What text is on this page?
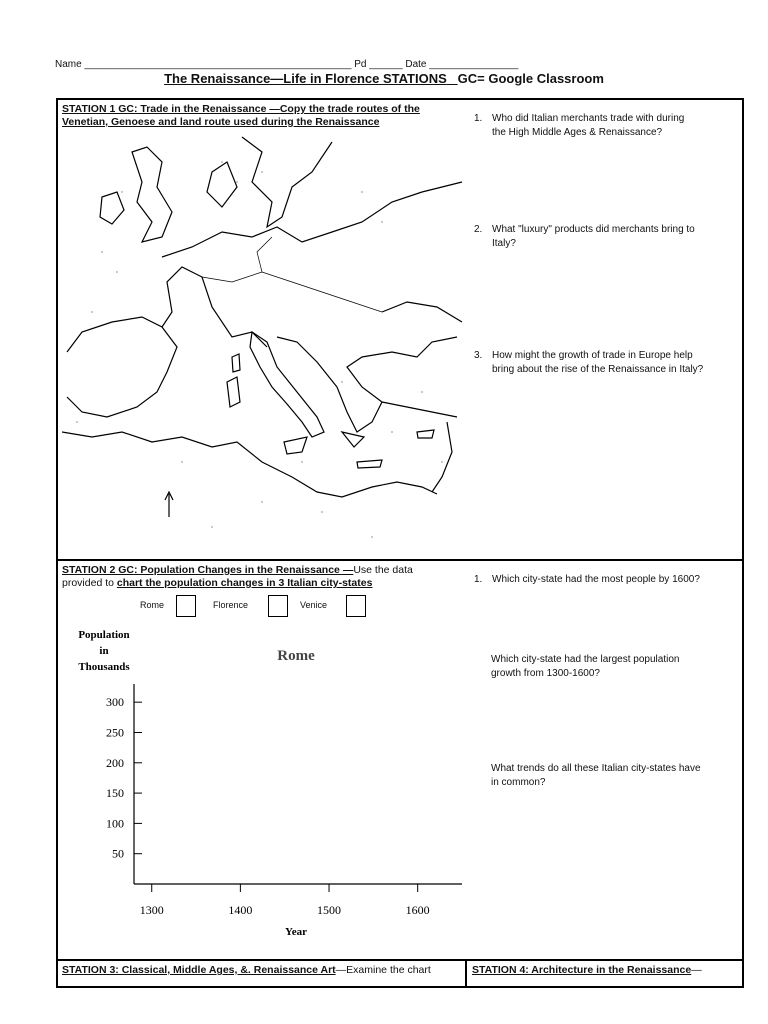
Name ________________________________________________ Pd ______ Date ________________
The Renaissance—Life in Florence STATIONS GC= Google Classroom
STATION 1 GC: Trade in the Renaissance —Copy the trade routes of the
Venetian, Genoese and land route used during the Renaissance	1. Who did Italian merchants trade with during
the High Middle Ages & Renaissance?
2. What "luxury" products did merchants bring to
Italy?
3. How might the growth of trade in Europe help
bring about the rise of the Renaissance in Italy?
STATION 2 GC: Population Changes in the Renaissance —Use the data
provided to chart the population changes in 3 Italian city-states
Rome	Florence	Venice
Population
in
Thousands
Rome
300
250
200
150
100
50
1300	1400	1500	1600
Year
1. Which city-state had the most people by 1600?
Which city-state had the largest population
growth from 1300-1600?
What trends do all these Italian city-states have
in common?
STATION 3: Classical, Middle Ages, &. Renaissance Art—Examine the chart	STATION 4: Architecture in the Renaissance—
